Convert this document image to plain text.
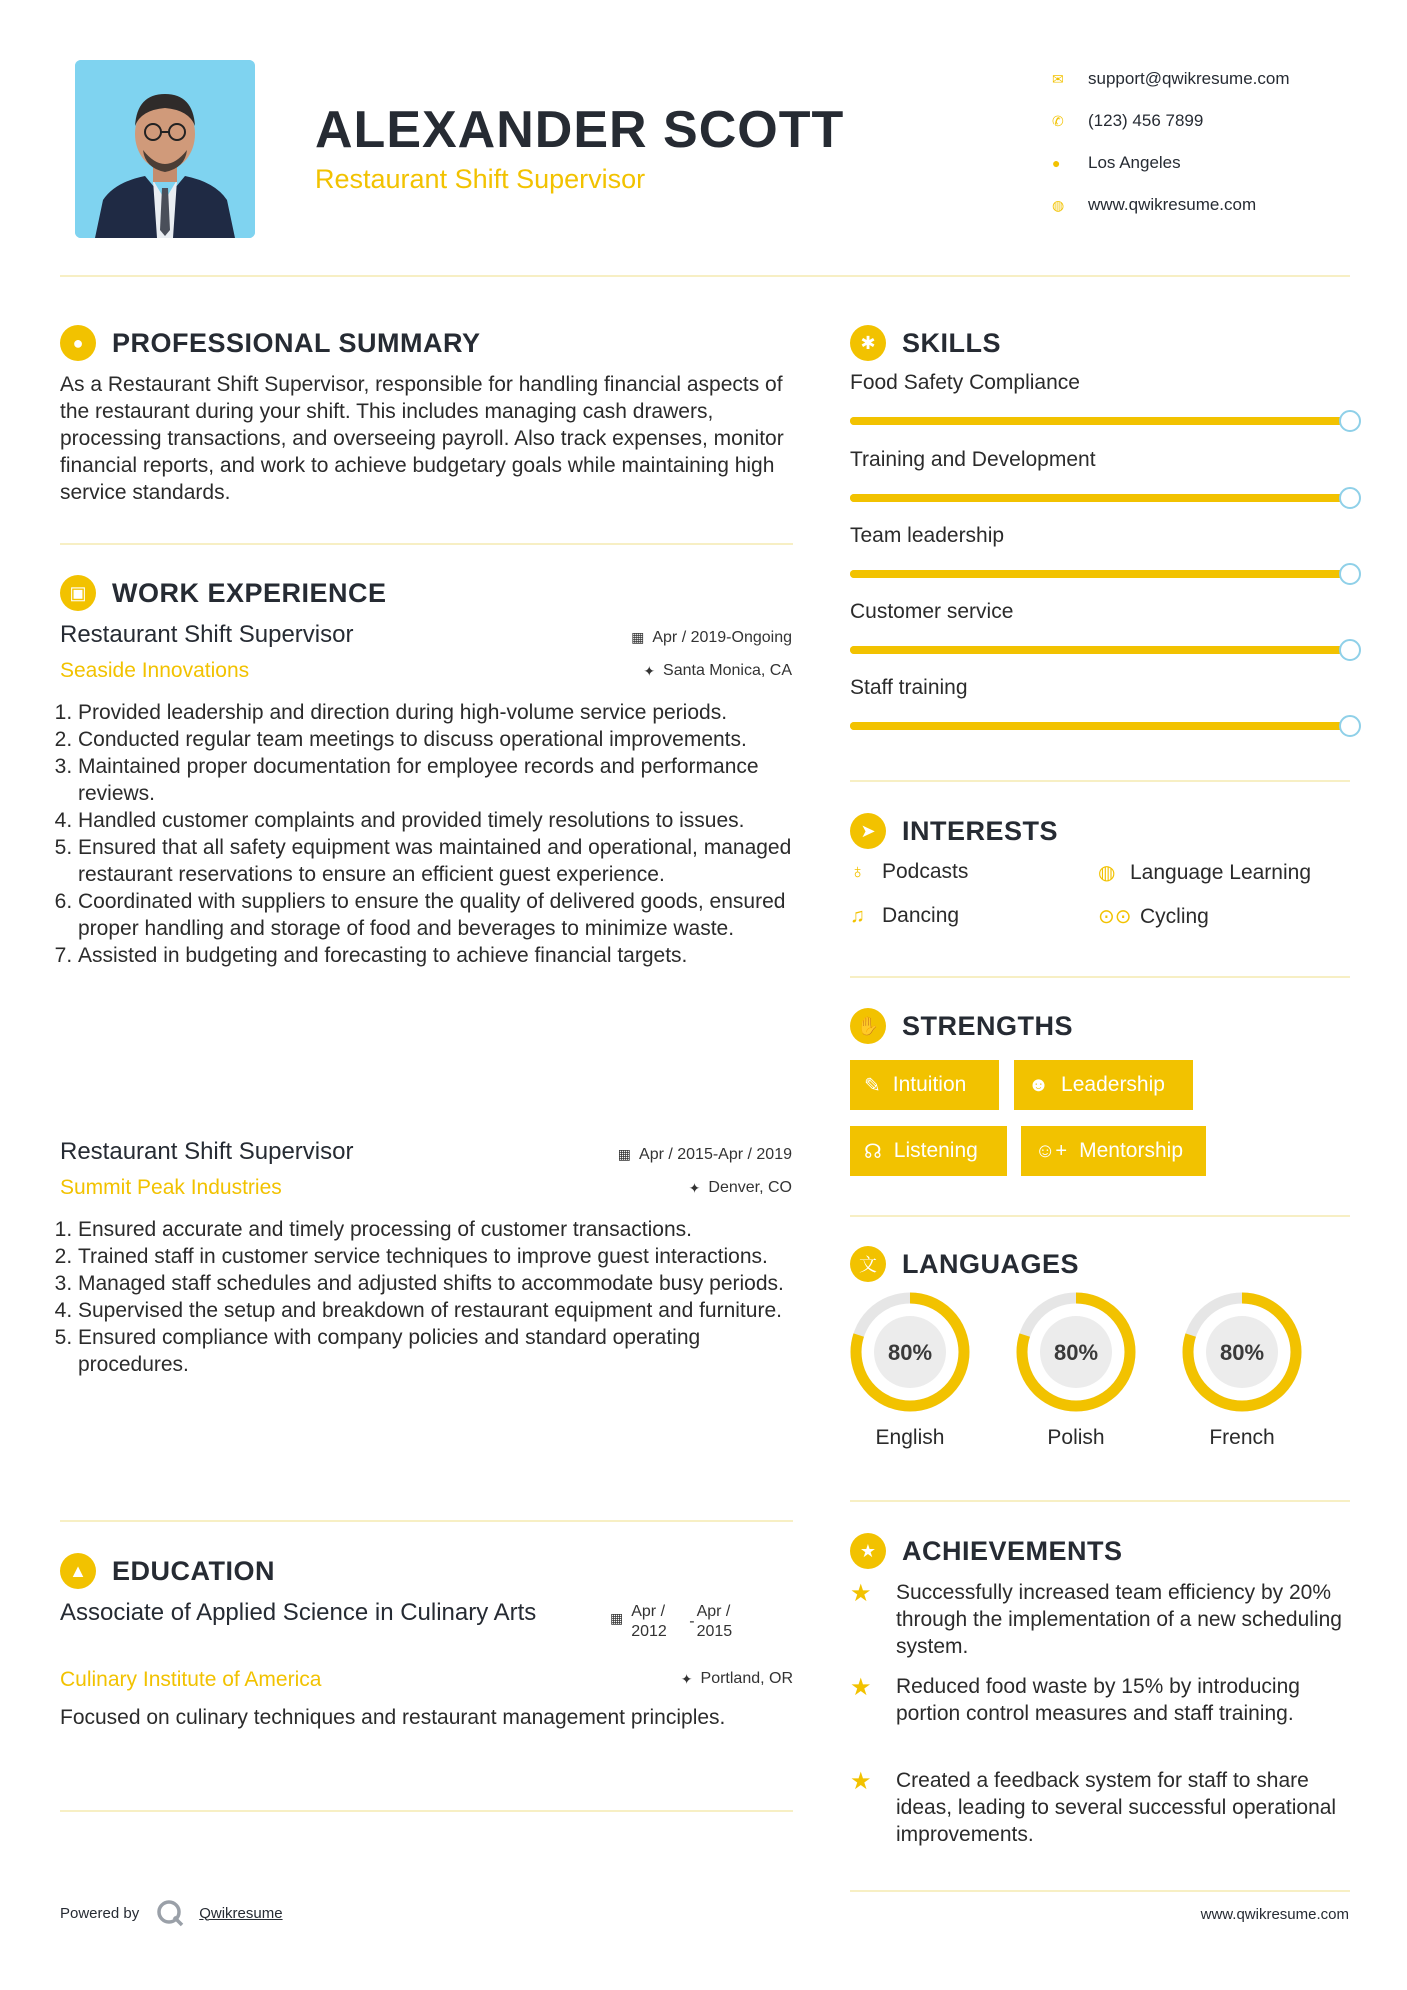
ALEXANDER SCOTT
Restaurant Shift Supervisor
✉	support@qwikresume.com
✆	(123) 456 7899
●	Los Angeles
◍	www.qwikresume.com
●	PROFESSIONAL SUMMARY
As a Restaurant Shift Supervisor, responsible for handling financial aspects of the restaurant during your shift. This includes managing cash drawers, processing transactions, and overseeing payroll. Also track expenses, monitor financial reports, and work to achieve budgetary goals while maintaining high service standards.
▣ WORK EXPERIENCE
Restaurant Shift Supervisor	▦ Apr / 2019-Ongoing
Seaside Innovations	✦ Santa Monica, CA
1. Provided leadership and direction during high-volume service periods.
2. Conducted regular team meetings to discuss operational improvements.
3. Maintained proper documentation for employee records and performance reviews.
4. Handled customer complaints and provided timely resolutions to issues.
5. Ensured that all safety equipment was maintained and operational, managed restaurant reservations to ensure an efficient guest experience.
6. Coordinated with suppliers to ensure the quality of delivered goods, ensured proper handling and storage of food and beverages to minimize waste.
7. Assisted in budgeting and forecasting to achieve financial targets.
Restaurant Shift Supervisor	▦ Apr / 2015-Apr / 2019
Summit Peak Industries	✦ Denver, CO
1. Ensured accurate and timely processing of customer transactions.
2. Trained staff in customer service techniques to improve guest interactions.
3. Managed staff schedules and adjusted shifts to accommodate busy periods.
4. Supervised the setup and breakdown of restaurant equipment and furniture.
5. Ensured compliance with company policies and standard operating procedures.
▲ EDUCATION
Associate of Applied Science in Culinary Arts	▦ Apr / 2012
-
Apr / 2015
Culinary Institute of America	✦ Portland, OR
Focused on culinary techniques and restaurant management principles.
✱ SKILLS
Food Safety Compliance
Training and Development
Team leadership
Customer service
Staff training
➤ INTERESTS
♁ Podcasts	◍ Language Learning
♫ Dancing	⊙⊙ Cycling
✋ STRENGTHS
✎ Intuition	☻ Leadership
☊ Listening	☺+ Mentorship
文 LANGUAGES
80%
English
80%
Polish
80%
French
★ ACHIEVEMENTS
★	Successfully increased team efficiency by 20% through the implementation of a new scheduling system.
★	Reduced food waste by 15% by introducing portion control measures and staff training.
★	Created a feedback system for staff to share ideas, leading to several successful operational improvements.
Powered by	Qwikresume	www.qwikresume.com
